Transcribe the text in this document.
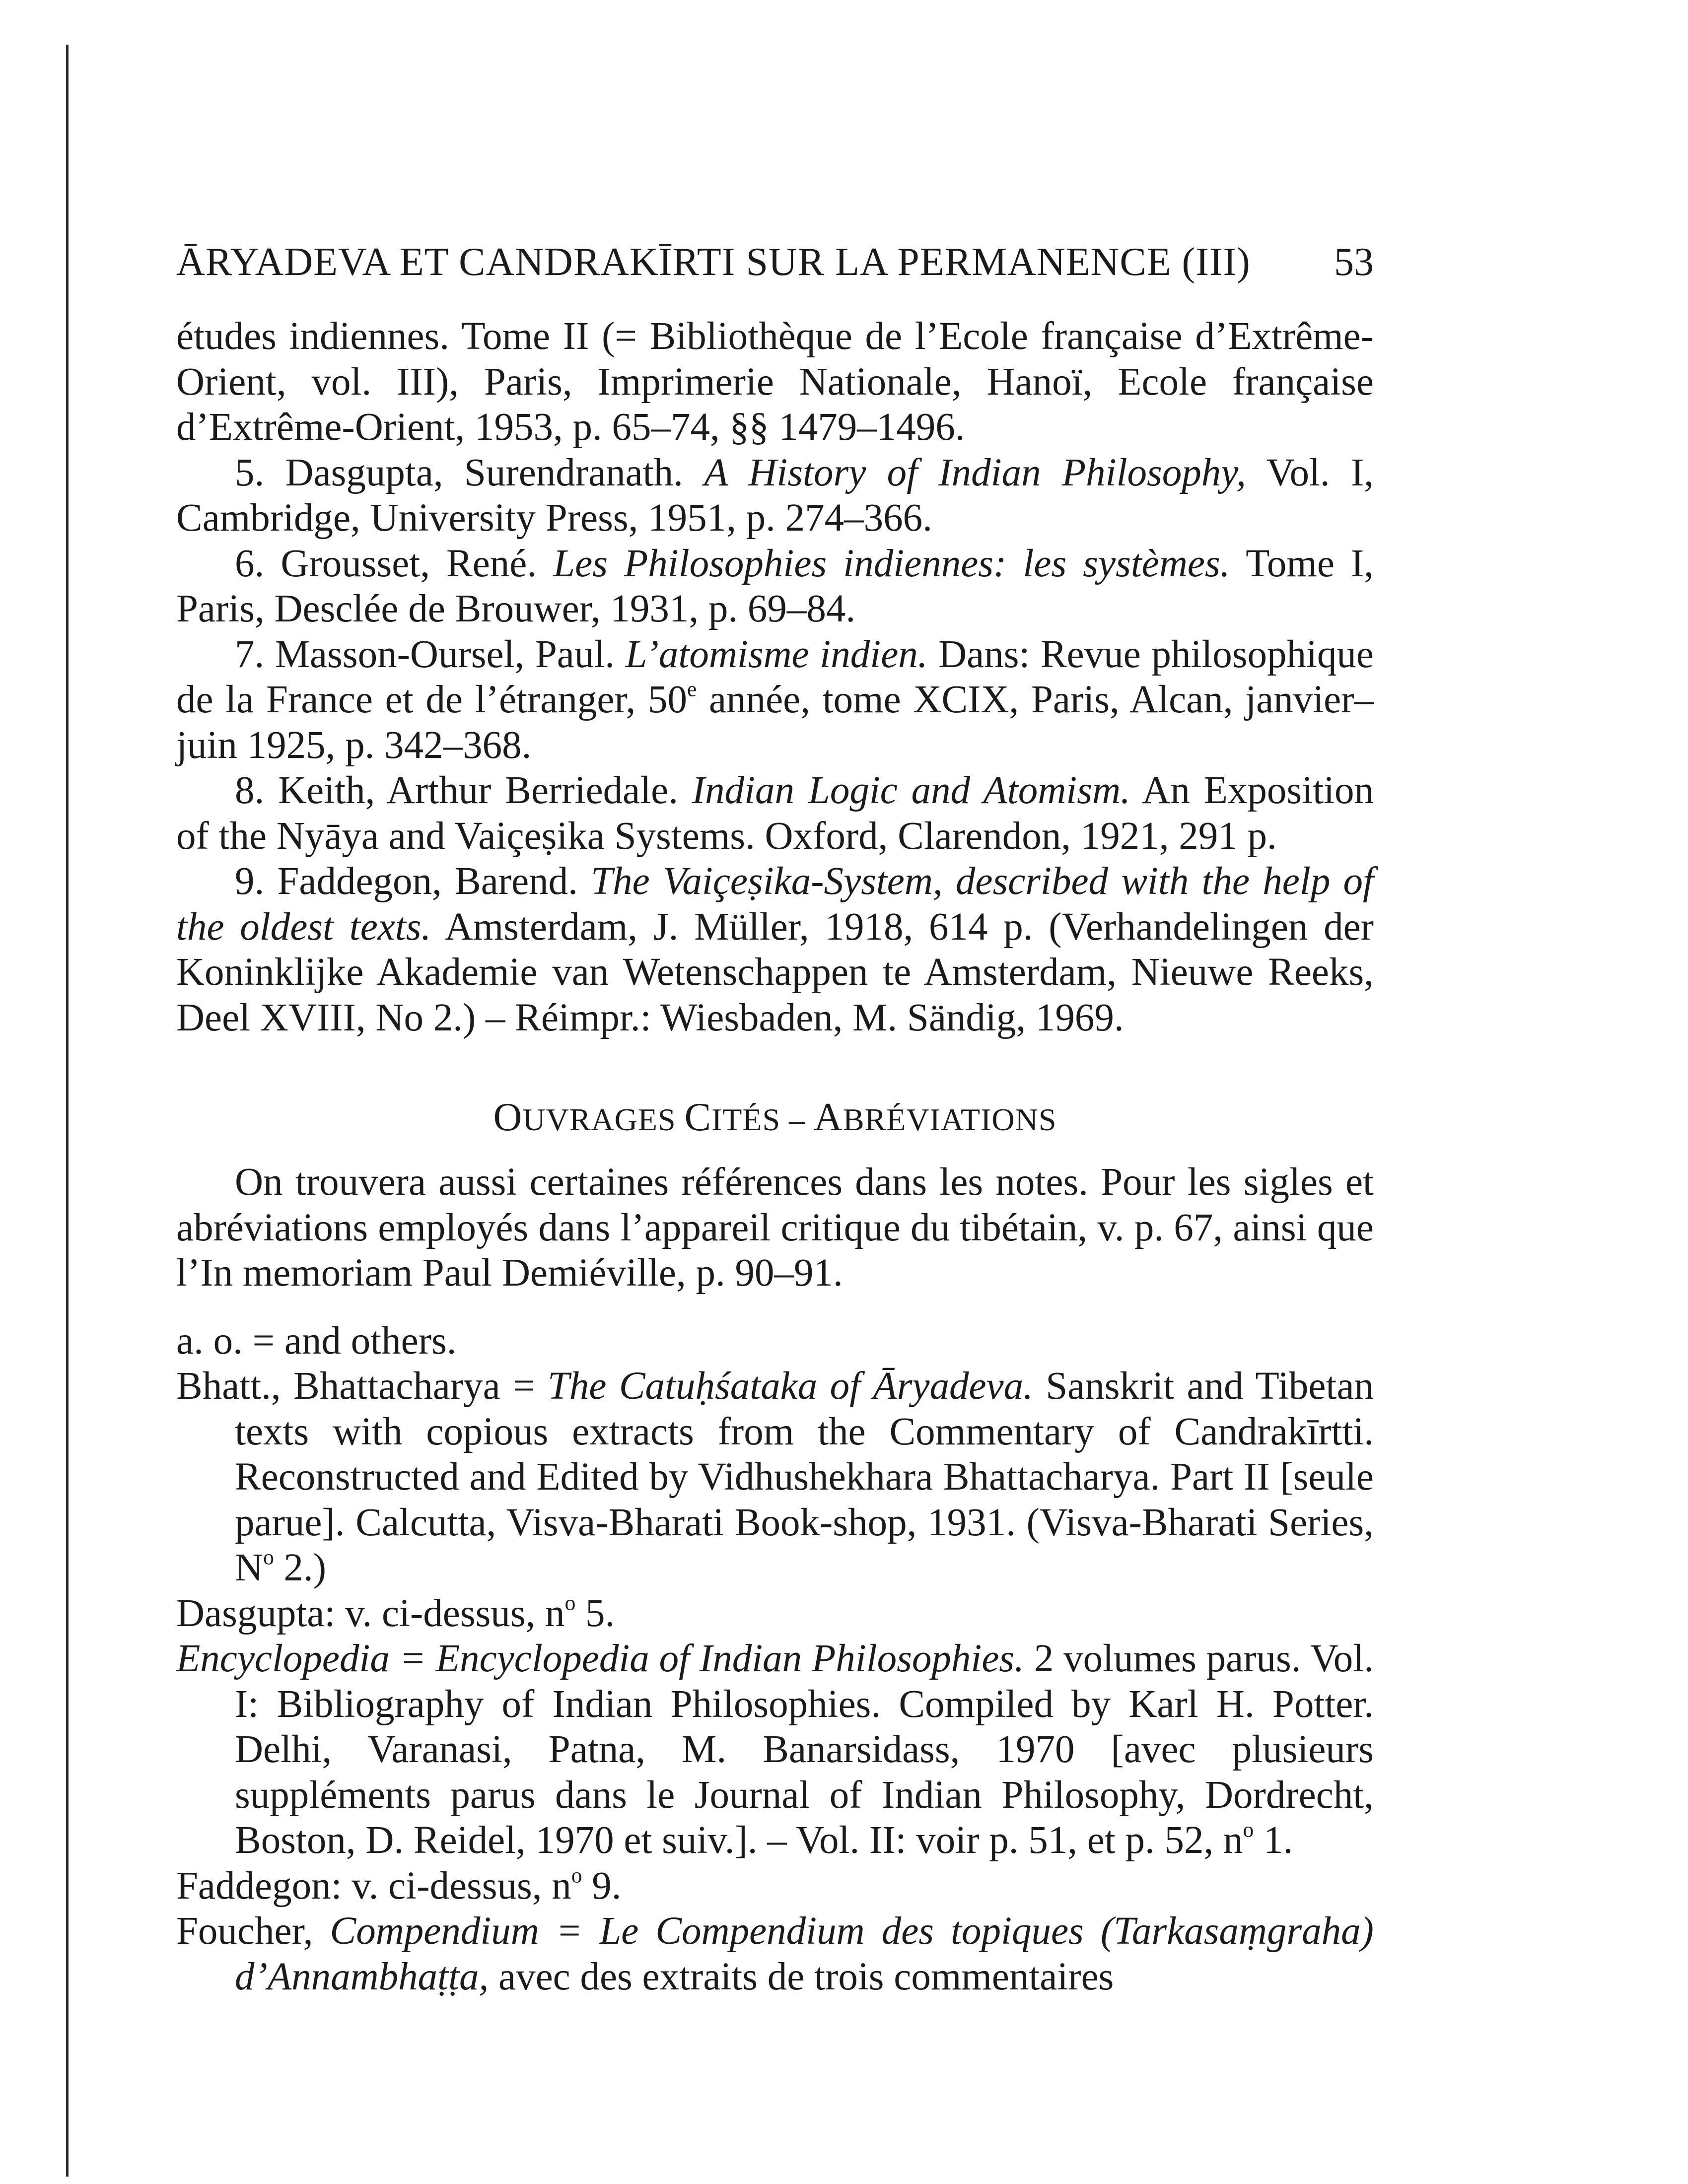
ĀRYADEVA ET CANDRAKĪRTI SUR LA PERMANENCE (III) 53

études indiennes. Tome II (= Bibliothèque de l’Ecole française d’Extrême-Orient, vol. III), Paris, Imprimerie Nationale, Hanoï, Ecole française d’Extrême-Orient, 1953, p. 65–74, §§ 1479–1496.

5. Dasgupta, Surendranath. A History of Indian Philosophy, Vol. I, Cambridge, University Press, 1951, p. 274–366.

6. Grousset, René. Les Philosophies indiennes: les systèmes. Tome I, Paris, Desclée de Brouwer, 1931, p. 69–84.

7. Masson-Oursel, Paul. L’atomisme indien. Dans: Revue philosophique de la France et de l’étranger, 50e année, tome XCIX, Paris, Alcan, janvier–juin 1925, p. 342–368.

8. Keith, Arthur Berriedale. Indian Logic and Atomism. An Exposition of the Nyāya and Vaiçeṣika Systems. Oxford, Clarendon, 1921, 291 p.

9. Faddegon, Barend. The Vaiçeṣika-System, described with the help of the oldest texts. Amsterdam, J. Müller, 1918, 614 p. (Verhandelingen der Koninklijke Akademie van Wetenschappen te Amsterdam, Nieuwe Reeks, Deel XVIII, No 2.) – Réimpr.: Wiesbaden, M. Sändig, 1969.

OUVRAGES CITÉS – ABRÉVIATIONS

On trouvera aussi certaines références dans les notes. Pour les sigles et abréviations employés dans l’appareil critique du tibétain, v. p. 67, ainsi que l’In memoriam Paul Demiéville, p. 90–91.

a. o. = and others.

Bhatt., Bhattacharya = The Catuḥśataka of Āryadeva. Sanskrit and Tibetan texts with copious extracts from the Commentary of Candrakīrtti. Reconstructed and Edited by Vidhushekhara Bhattacharya. Part II [seule parue]. Calcutta, Visva-Bharati Book-shop, 1931. (Visva-Bharati Series, $N^o$ 2.)

Dasgupta: v. ci-dessus, $n^o$ 5.

Encyclopedia = Encyclopedia of Indian Philosophies. 2 volumes parus. Vol. I: Bibliography of Indian Philosophies. Compiled by Karl H. Potter. Delhi, Varanasi, Patna, M. Banarsidass, 1970 [avec plusieurs suppléments parus dans le Journal of Indian Philosophy, Dordrecht, Boston, D. Reidel, 1970 et suiv.]. – Vol. II: voir p. 51, et p. 52, $n^o$ 1.

Faddegon: v. ci-dessus, $n^o$ 9.

Foucher, Compendium = Le Compendium des topiques (Tarkasaṃgraha) d’Annambhaṭṭa, avec des extraits de trois commentaires
